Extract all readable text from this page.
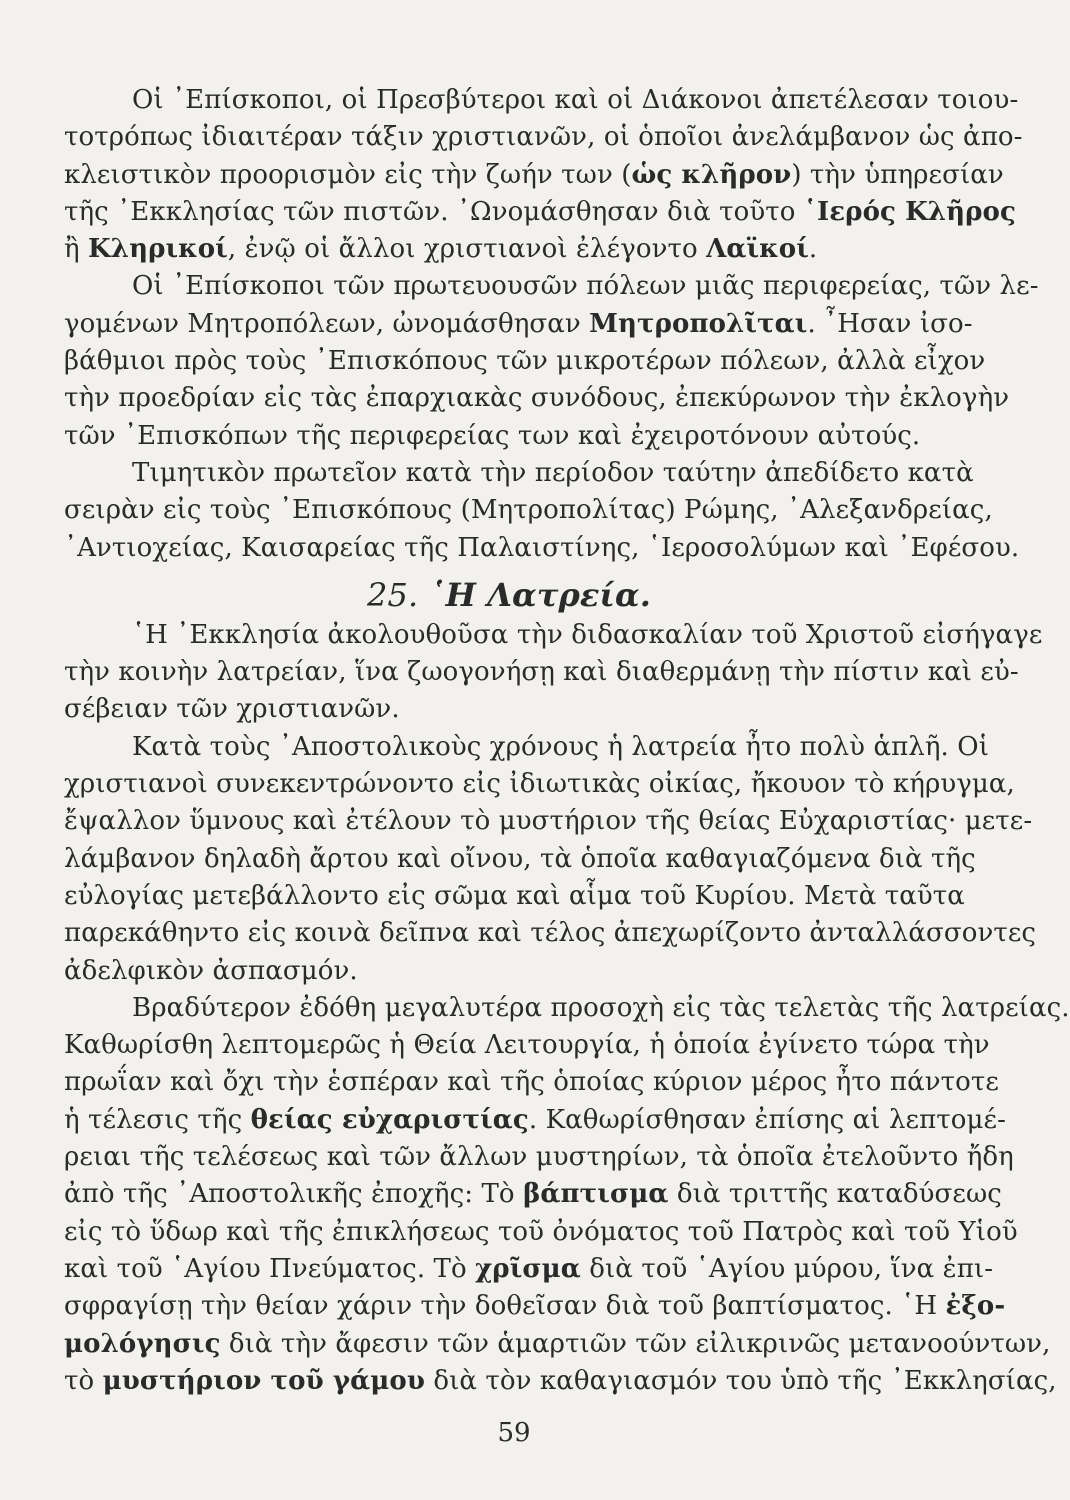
Οἱ ᾿Επίσκοποι, οἱ Πρεσβύτεροι καὶ οἱ Διάκονοι ἀπετέλεσαν τοιου-
τοτρόπως ἰδιαιτέραν τάξιν χριστιανῶν, οἱ ὁποῖοι ἀνελάμβανον ὡς ἀπο-
κλειστικὸν προορισμὸν εἰς τὴν ζωήν των (ὡς κλῆρον) τὴν ὑπηρεσίαν
τῆς ᾿Εκκλησίας τῶν πιστῶν. ᾿Ωνομάσθησαν διὰ τοῦτο ῾Ιερός Κλῆρος
ἢ Κληρικοί, ἐνῷ οἱ ἄλλοι χριστιανοὶ ἐλέγοντο Λαϊκοί.
Οἱ ᾿Επίσκοποι τῶν πρωτευουσῶν πόλεων μιᾶς περιφερείας, τῶν λε-
γομένων Μητροπόλεων, ὠνομάσθησαν Μητροπολῖται. ῏Ησαν ἰσο-
βάθμιοι πρὸς τοὺς ᾿Επισκόπους τῶν μικροτέρων πόλεων, ἀλλὰ εἶχον
τὴν προεδρίαν εἰς τὰς ἐπαρχιακὰς συνόδους, ἐπεκύρωνον τὴν ἐκλογὴν
τῶν ᾿Επισκόπων τῆς περιφερείας των καὶ ἐχειροτόνουν αὐτούς.
Τιμητικὸν πρωτεῖον κατὰ τὴν περίοδον ταύτην ἀπεδίδετο κατὰ
σειρὰν εἰς τοὺς ᾿Επισκόπους (Μητροπολίτας) Ρώμης, ᾿Αλεξανδρείας,
᾿Αντιοχείας, Καισαρείας τῆς Παλαιστίνης, ῾Ιεροσολύμων καὶ ᾿Εφέσου.
25. ῾Η Λατρεία.
῾Η ᾿Εκκλησία ἀκολουθοῦσα τὴν διδασκαλίαν τοῦ Χριστοῦ εἰσήγαγε
τὴν κοινὴν λατρείαν, ἵνα ζωογονήσῃ καὶ διαθερμάνῃ τὴν πίστιν καὶ εὐ-
σέβειαν τῶν χριστιανῶν.
Κατὰ τοὺς ᾿Αποστολικοὺς χρόνους ἡ λατρεία ἦτο πολὺ ἁπλῆ. Οἱ
χριστιανοὶ συνεκεντρώνοντο εἰς ἰδιωτικὰς οἰκίας, ἤκουον τὸ κήρυγμα,
ἔψαλλον ὕμνους καὶ ἐτέλουν τὸ μυστήριον τῆς θείας Εὐχαριστίας· μετε-
λάμβανον δηλαδὴ ἄρτου καὶ οἴνου, τὰ ὁποῖα καθαγιαζόμενα διὰ τῆς
εὐλογίας μετεβάλλοντο εἰς σῶμα καὶ αἷμα τοῦ Κυρίου. Μετὰ ταῦτα
παρεκάθηντο εἰς κοινὰ δεῖπνα καὶ τέλος ἀπεχωρίζοντο ἀνταλλάσσοντες
ἀδελφικὸν ἀσπασμόν.
Βραδύτερον ἐδόθη μεγαλυτέρα προσοχὴ εἰς τὰς τελετὰς τῆς λατρείας.
Καθωρίσθη λεπτομερῶς ἡ Θεία Λειτουργία, ἡ ὁποία ἐγίνετο τώρα τὴν
πρωΐαν καὶ ὄχι τὴν ἑσπέραν καὶ τῆς ὁποίας κύριον μέρος ἦτο πάντοτε
ἡ τέλεσις τῆς θείας εὐχαριστίας. Καθωρίσθησαν ἐπίσης αἱ λεπτομέ-
ρειαι τῆς τελέσεως καὶ τῶν ἄλλων μυστηρίων, τὰ ὁποῖα ἐτελοῦντο ἤδη
ἀπὸ τῆς ᾿Αποστολικῆς ἐποχῆς: Τὸ βάπτισμα διὰ τριττῆς καταδύσεως
εἰς τὸ ὕδωρ καὶ τῆς ἐπικλήσεως τοῦ ὀνόματος τοῦ Πατρὸς καὶ τοῦ Υἱοῦ
καὶ τοῦ ῾Αγίου Πνεύματος. Τὸ χρῖσμα διὰ τοῦ ῾Αγίου μύρου, ἵνα ἐπι-
σφραγίσῃ τὴν θείαν χάριν τὴν δοθεῖσαν διὰ τοῦ βαπτίσματος. ῾Η ἐξο-
μολόγησις διὰ τὴν ἄφεσιν τῶν ἁμαρτιῶν τῶν εἰλικρινῶς μετανοούντων,
τὸ μυστήριον τοῦ γάμου διὰ τὸν καθαγιασμόν του ὑπὸ τῆς ᾿Εκκλησίας,
59
